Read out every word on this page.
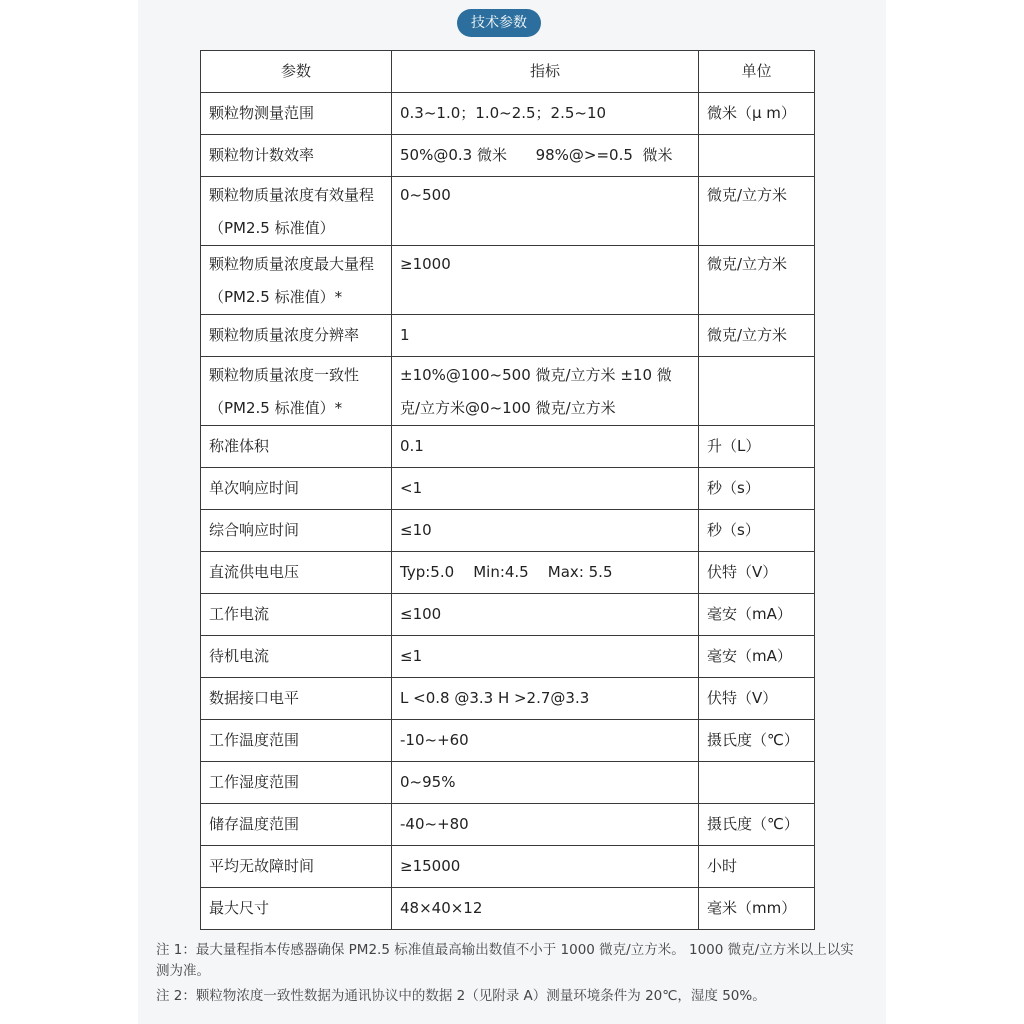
技术参数
参数	指标	单位
颗粒物测量范围	0.3~1.0；1.0~2.5；2.5~10	微米（μ m）
颗粒物计数效率	50%@0.3 微米      98%@>=0.5  微米	
颗粒物质量浓度有效量程（PM2.5 标准值）	0~500	微克/立方米
颗粒物质量浓度最大量程（PM2.5 标准值）*	≥1000	微克/立方米
颗粒物质量浓度分辨率	1	微克/立方米
颗粒物质量浓度一致性（PM2.5 标准值）*	±10%@100~500 微克/立方米 ±10 微克/立方米@0~100 微克/立方米	
称准体积	0.1	升（L）
单次响应时间	<1	秒（s）
综合响应时间	≤10	秒（s）
直流供电电压	Typ:5.0    Min:4.5    Max: 5.5	伏特（V）
工作电流	≤100	毫安（mA）
待机电流	≤1	毫安（mA）
数据接口电平	L <0.8 @3.3 H >2.7@3.3	伏特（V）
工作温度范围	-10~+60	摄氏度（℃）
工作湿度范围	0~95%	
储存温度范围	-40~+80	摄氏度（℃）
平均无故障时间	≥15000	小时
最大尺寸	48×40×12	毫米（mm）
注 1：最大量程指本传感器确保 PM2.5 标准值最高输出数值不小于 1000 微克/立方米。 1000 微克/立方米以上以实测为准。
注 2：颗粒物浓度一致性数据为通讯协议中的数据 2（见附录 A）测量环境条件为 20℃，湿度 50%。
